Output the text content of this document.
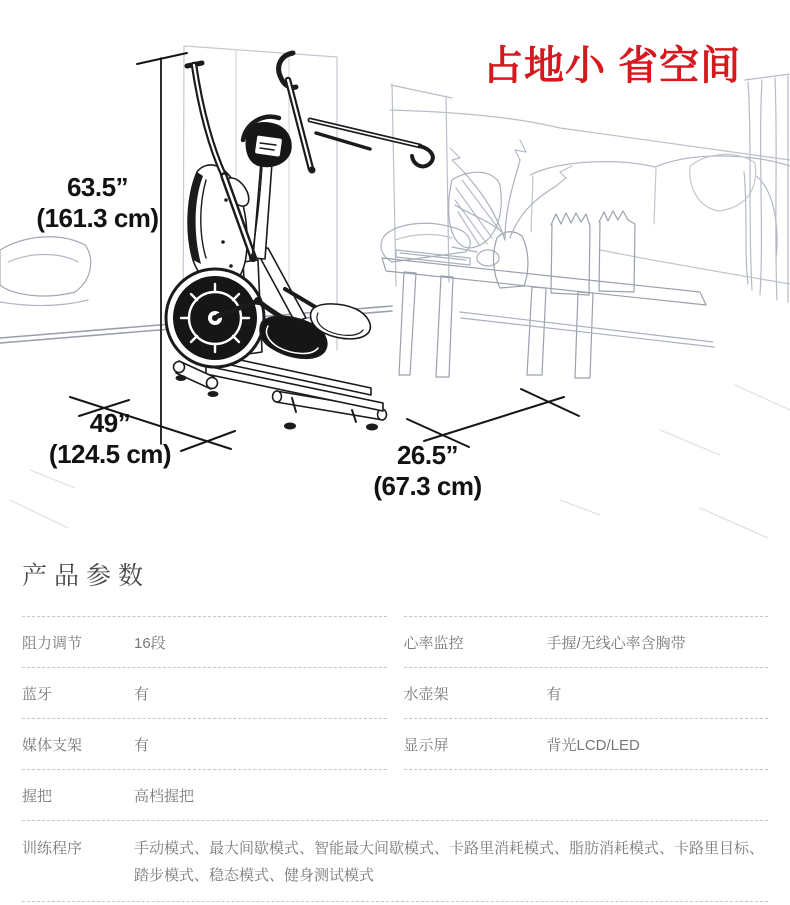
占地小 省空间
63.5”
(161.3 cm)
49”
(124.5 cm)	26.5”
(67.3 cm)
产品参数
阻力调节	16段
蓝牙	有
媒体支架	有
握把	高档握把
心率监控	手握/无线心率含胸带
水壶架	有
显示屏	背光LCD/LED
训练程序	手动模式、最大间歇模式、智能最大间歇模式、卡路里消耗模式、脂肪消耗模式、卡路里目标、踏步模式、稳态模式、健身测试模式
